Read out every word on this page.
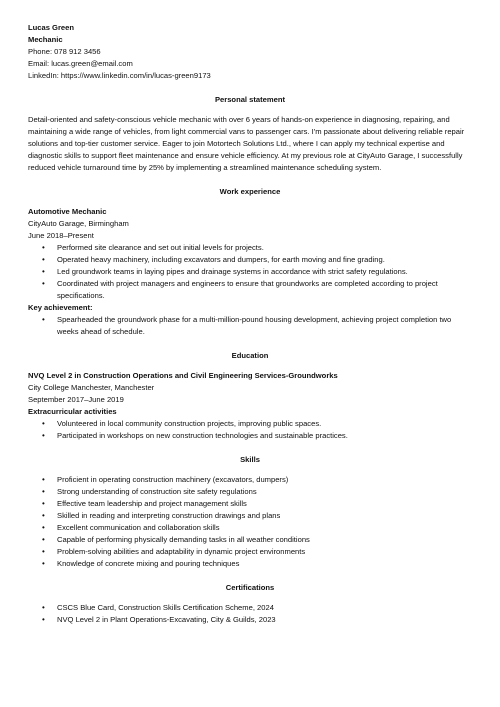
Lucas Green
Mechanic
Phone: 078 912 3456
Email: lucas.green@email.com
LinkedIn: https://www.linkedin.com/in/lucas-green9173
Personal statement

Detail-oriented and safety-conscious vehicle mechanic with over 6 years of hands-on experience in diagnosing, repairing, and maintaining a wide range of vehicles, from light commercial vans to passenger cars. I'm passionate about delivering reliable repair solutions and top-tier customer service. Eager to join Motortech Solutions Ltd., where I can apply my technical expertise and diagnostic skills to support fleet maintenance and ensure vehicle efficiency. At my previous role at CityAuto Garage, I successfully reduced vehicle turnaround time by 25% by implementing a streamlined maintenance scheduling system.

Work experience
Automotive Mechanic
CityAuto Garage, Birmingham
June 2018–Present
• Performed site clearance and set out initial levels for projects.
• Operated heavy machinery, including excavators and dumpers, for earth moving and fine grading.
• Led groundwork teams in laying pipes and drainage systems in accordance with strict safety regulations.
• Coordinated with project managers and engineers to ensure that groundworks are completed according to project specifications.
Key achievement:
• Spearheaded the groundwork phase for a multi-million-pound housing development, achieving project completion two weeks ahead of schedule.
Education
NVQ Level 2 in Construction Operations and Civil Engineering Services-Groundworks
City College Manchester, Manchester
September 2017–June 2019
Extracurricular activities
• Volunteered in local community construction projects, improving public spaces.
• Participated in workshops on new construction technologies and sustainable practices.
Skills
• Proficient in operating construction machinery (excavators, dumpers)
• Strong understanding of construction site safety regulations
• Effective team leadership and project management skills
• Skilled in reading and interpreting construction drawings and plans
• Excellent communication and collaboration skills
• Capable of performing physically demanding tasks in all weather conditions
• Problem-solving abilities and adaptability in dynamic project environments
• Knowledge of concrete mixing and pouring techniques
Certifications
• CSCS Blue Card, Construction Skills Certification Scheme, 2024
• NVQ Level 2 in Plant Operations-Excavating, City & Guilds, 2023
